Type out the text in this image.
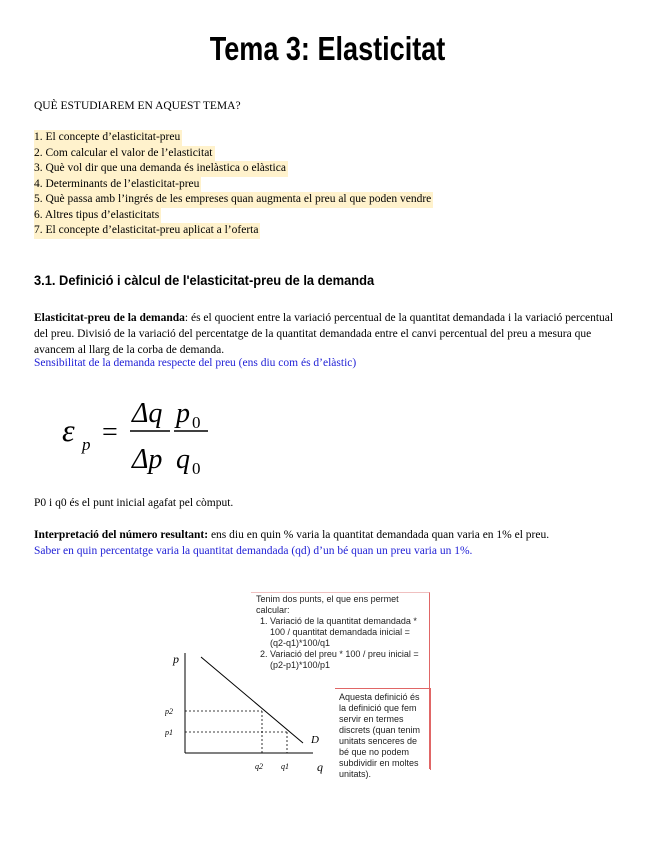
Tema 3: Elasticitat
QUÈ ESTUDIAREM EN AQUEST TEMA?
1. El concepte d’elasticitat-preu
2. Com calcular el valor de l’elasticitat
3. Què vol dir que una demanda és inelàstica o elàstica
4. Determinants de l’elasticitat-preu
5. Què passa amb l’ingrés de les empreses quan augmenta el preu al que poden vendre
6. Altres tipus d’elasticitats
7. El concepte d’elasticitat-preu aplicat a l’oferta
3.1. Definició i càlcul de l'elasticitat-preu de la demanda
Elasticitat-preu de la demanda: és el quocient entre la variació percentual de la quantitat demandada i la variació percentual del preu. Divisió de la variació del percentatge de la quantitat demandada entre el canvi percentual del preu a mesura que avancem al llarg de la corba de demanda.
Sensibilitat de la demanda respecte del preu (ens diu com és d’elàstic)
ε p =
Δq
Δp
p 0
q 0
P0 i q0 és el punt inicial agafat pel còmput.
Interpretació del número resultant: ens diu en quin % varia la quantitat demandada quan varia en 1% el preu.
Saber en quin percentatge varia la quantitat demandada (qd) d’un bé quan un preu varia un 1%.
Tenim dos punts, el que ens permet calcular:
1. Variació de la quantitat demandada * 100 / quantitat demandada inicial = (q2-q1)*100/q1
2. Variació del preu * 100 / preu inicial =(p2-p1)*100/p1
Aquesta definició és la definició que fem servir en termes discrets (quan tenim unitats senceres de bé que no podem subdividir en moltes unitats).
p
q
D
p2
p1
q2 q1
